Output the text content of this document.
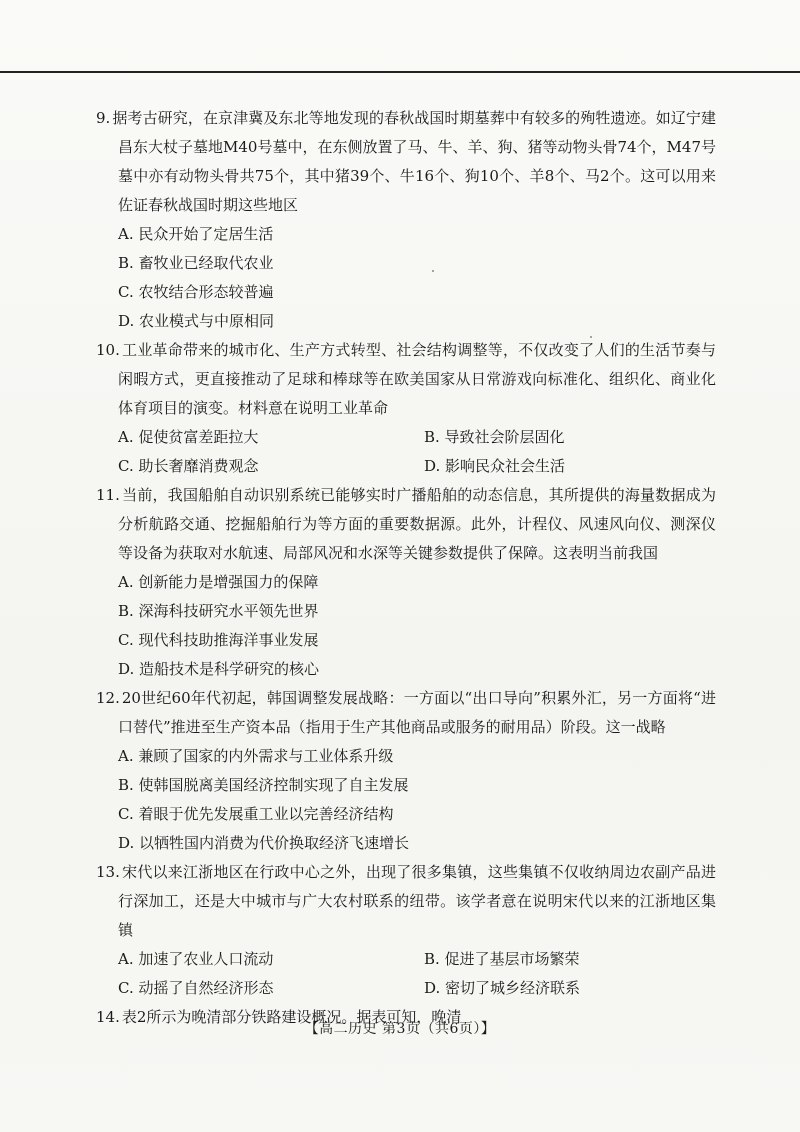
9. 据考古研究，在京津冀及东北等地发现的春秋战国时期墓葬中有较多的殉牲遗迹。如辽宁建昌东大杖子墓地M40号墓中，在东侧放置了马、牛、羊、狗、猪等动物头骨74个，M47号墓中亦有动物头骨共75个，其中猪39个、牛16个、狗10个、羊8个、马2个。这可以用来佐证春秋战国时期这些地区

A. 民众开始了定居生活

B. 畜牧业已经取代农业

C. 农牧结合形态较普遍

D. 农业模式与中原相同

10. 工业革命带来的城市化、生产方式转型、社会结构调整等，不仅改变了人们的生活节奏与闲暇方式，更直接推动了足球和棒球等在欧美国家从日常游戏向标准化、组织化、商业化体育项目的演变。材料意在说明工业革命

A. 促使贫富差距拉大	B. 导致社会阶层固化

C. 助长奢靡消费观念	D. 影响民众社会生活

11. 当前，我国船舶自动识别系统已能够实时广播船舶的动态信息，其所提供的海量数据成为分析航路交通、挖掘船舶行为等方面的重要数据源。此外，计程仪、风速风向仪、测深仪等设备为获取对水航速、局部风况和水深等关键参数提供了保障。这表明当前我国

A. 创新能力是增强国力的保障

B. 深海科技研究水平领先世界

C. 现代科技助推海洋事业发展

D. 造船技术是科学研究的核心

12. 20世纪60年代初起，韩国调整发展战略：一方面以“出口导向”积累外汇，另一方面将“进口替代”推进至生产资本品（指用于生产其他商品或服务的耐用品）阶段。这一战略

A. 兼顾了国家的内外需求与工业体系升级

B. 使韩国脱离美国经济控制实现了自主发展

C. 着眼于优先发展重工业以完善经济结构

D. 以牺牲国内消费为代价换取经济飞速增长

13. 宋代以来江浙地区在行政中心之外，出现了很多集镇，这些集镇不仅收纳周边农副产品进行深加工，还是大中城市与广大农村联系的纽带。该学者意在说明宋代以来的江浙地区集镇

A. 加速了农业人口流动	B. 促进了基层市场繁荣

C. 动摇了自然经济形态	D. 密切了城乡经济联系

14. 表2所示为晚清部分铁路建设概况。据表可知，晚清

【高二历史 第3页（共6页）】
